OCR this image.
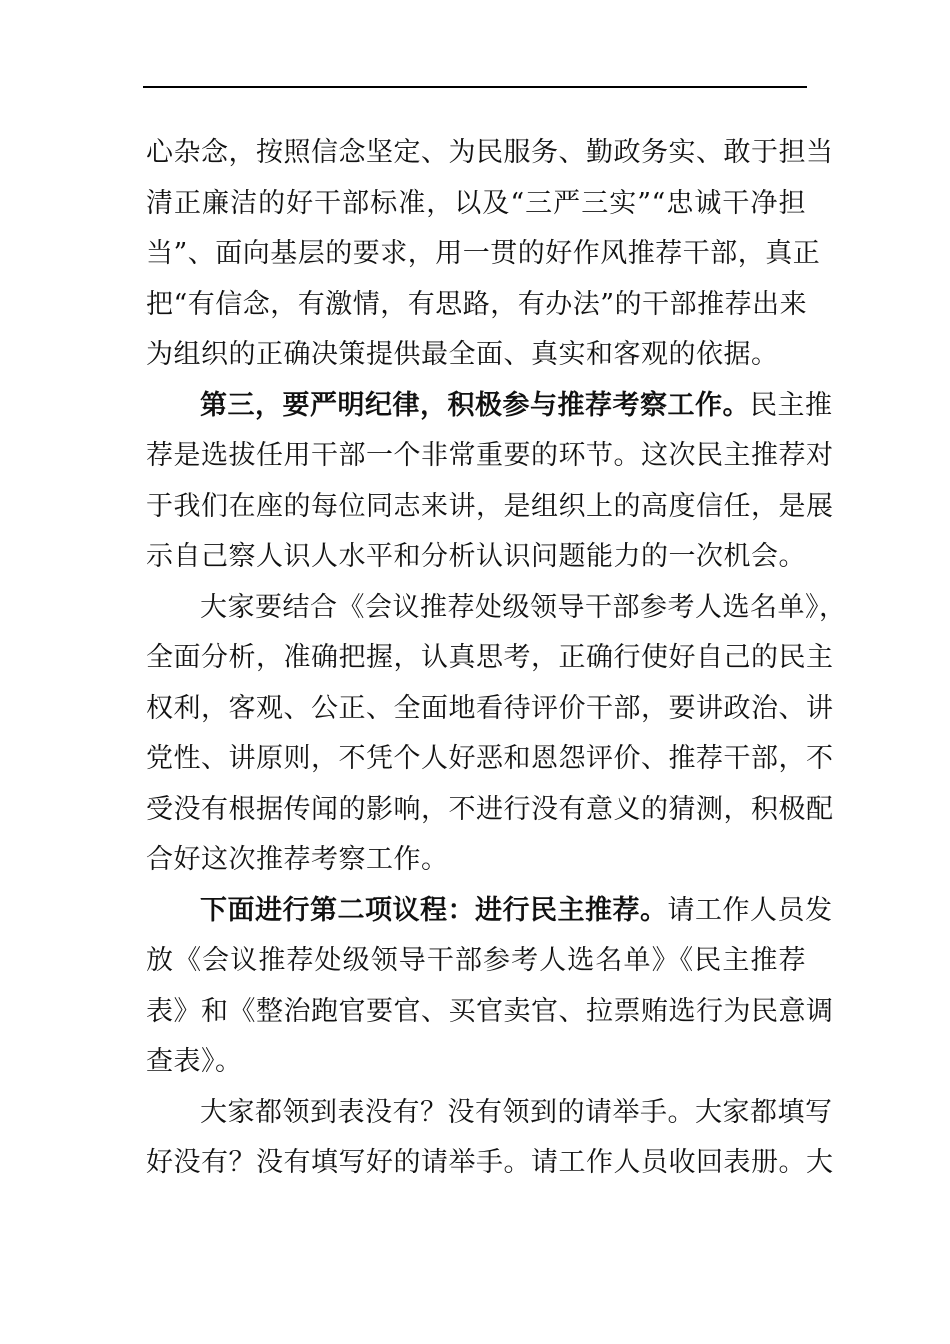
心杂念，按照信念坚定、为民服务、勤政务实、敢于担当
清正廉洁的好干部标准，以及“三严三实”“忠诚干净担
当”、面向基层的要求，用一贯的好作风推荐干部，真正
把“有信念，有激情，有思路，有办法”的干部推荐出来
为组织的正确决策提供最全面、真实和客观的依据。
第三，要严明纪律，积极参与推荐考察工作。民主推
荐是选拔任用干部一个非常重要的环节。这次民主推荐对
于我们在座的每位同志来讲，是组织上的高度信任，是展
示自己察人识人水平和分析认识问题能力的一次机会。
大家要结合《会议推荐处级领导干部参考人选名单》，
全面分析，准确把握，认真思考，正确行使好自己的民主
权利，客观、公正、全面地看待评价干部，要讲政治、讲
党性、讲原则，不凭个人好恶和恩怨评价、推荐干部，不
受没有根据传闻的影响，不进行没有意义的猜测，积极配
合好这次推荐考察工作。
下面进行第二项议程：进行民主推荐。请工作人员发
放《会议推荐处级领导干部参考人选名单》《民主推荐
表》和《整治跑官要官、买官卖官、拉票贿选行为民意调
查表》。
大家都领到表没有？没有领到的请举手。大家都填写
好没有？没有填写好的请举手。请工作人员收回表册。大
